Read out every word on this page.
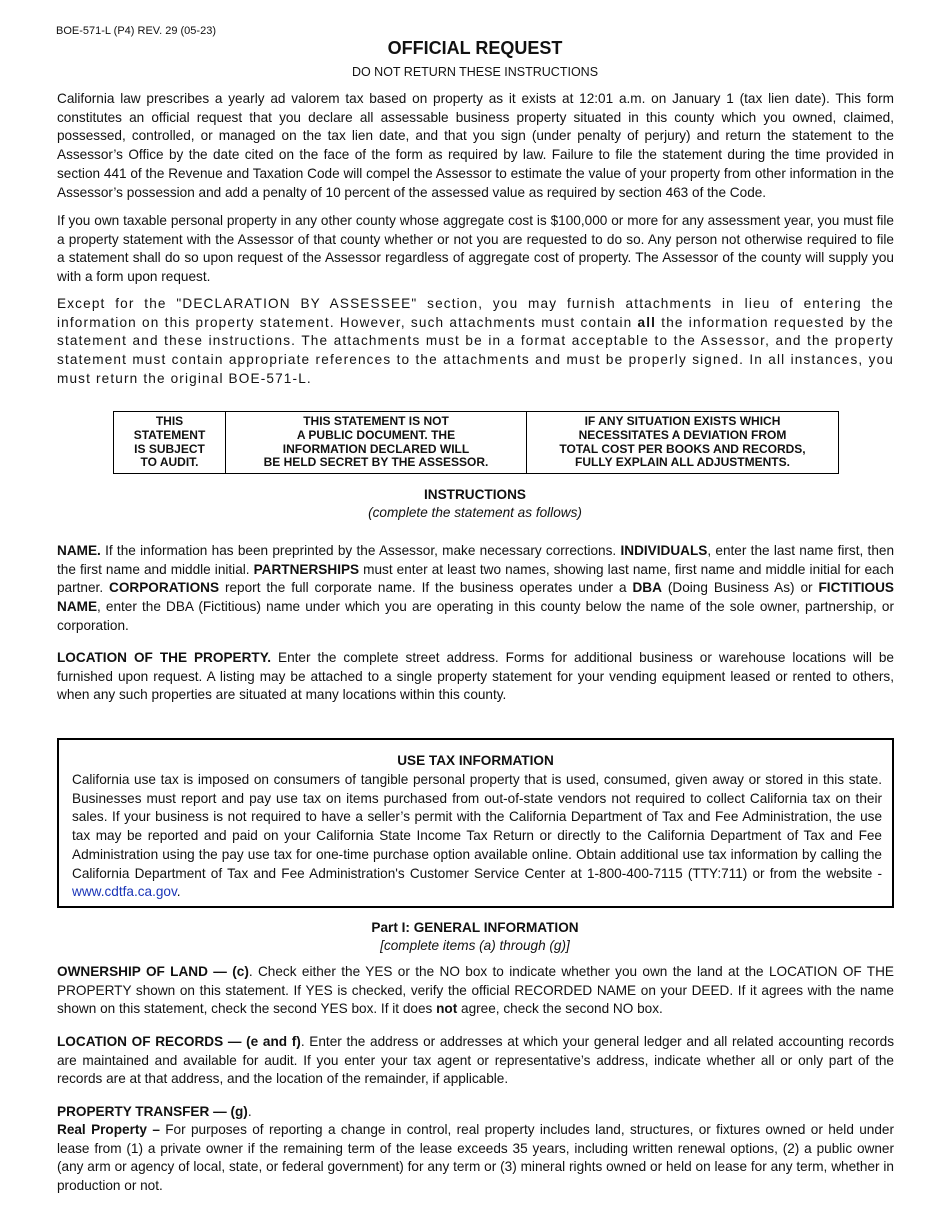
BOE-571-L (P4) REV. 29 (05-23)
OFFICIAL REQUEST
DO NOT RETURN THESE INSTRUCTIONS

California law prescribes a yearly ad valorem tax based on property as it exists at 12:01 a.m. on January 1 (tax lien date). This form constitutes an official request that you declare all assessable business property situated in this county which you owned, claimed, possessed, controlled, or managed on the tax lien date, and that you sign (under penalty of perjury) and return the statement to the Assessor’s Office by the date cited on the face of the form as required by law. Failure to file the statement during the time provided in section 441 of the Revenue and Taxation Code will compel the Assessor to estimate the value of your property from other information in the Assessor’s possession and add a penalty of 10 percent of the assessed value as required by section 463 of the Code.

If you own taxable personal property in any other county whose aggregate cost is $100,000 or more for any assessment year, you must file a property statement with the Assessor of that county whether or not you are requested to do so. Any person not otherwise required to file a statement shall do so upon request of the Assessor regardless of aggregate cost of property. The Assessor of the county will supply you with a form upon request.

Except for the "DECLARATION BY ASSESSEE" section, you may furnish attachments in lieu of entering the information on this property statement. However, such attachments must contain all the information requested by the statement and these instructions. The attachments must be in a format acceptable to the Assessor, and the property statement must contain appropriate references to the attachments and must be properly signed. In all instances, you must return the original BOE-571-L.

THIS
STATEMENT
IS SUBJECT
TO AUDIT.

THIS STATEMENT IS NOT
A PUBLIC DOCUMENT. THE
INFORMATION DECLARED WILL
BE HELD SECRET BY THE ASSESSOR.

IF ANY SITUATION EXISTS WHICH
NECESSITATES A DEVIATION FROM
TOTAL COST PER BOOKS AND RECORDS,
FULLY EXPLAIN ALL ADJUSTMENTS.
INSTRUCTIONS
(complete the statement as follows)

NAME. If the information has been preprinted by the Assessor, make necessary corrections. INDIVIDUALS, enter the last name first, then the first name and middle initial. PARTNERSHIPS must enter at least two names, showing last name, first name and middle initial for each partner. CORPORATIONS report the full corporate name. If the business operates under a DBA (Doing Business As) or FICTITIOUS NAME, enter the DBA (Fictitious) name under which you are operating in this county below the name of the sole owner, partnership, or corporation.

LOCATION OF THE PROPERTY. Enter the complete street address. Forms for additional business or warehouse locations will be furnished upon request. A listing may be attached to a single property statement for your vending equipment leased or rented to others, when any such properties are situated at many locations within this county.

USE TAX INFORMATION

California use tax is imposed on consumers of tangible personal property that is used, consumed, given away or stored in this state. Businesses must report and pay use tax on items purchased from out-of-state vendors not required to collect California tax on their sales. If your business is not required to have a seller’s permit with the California Department of Tax and Fee Administration, the use tax may be reported and paid on your California State Income Tax Return or directly to the California Department of Tax and Fee Administration using the pay use tax for one-time purchase option available online. Obtain additional use tax information by calling the California Department of Tax and Fee Administration's Customer Service Center at 1-800-400-7115 (TTY:711) or from the website - www.cdtfa.ca.gov.

Part I: GENERAL INFORMATION
[complete items (a) through (g)]

OWNERSHIP OF LAND — (c). Check either the YES or the NO box to indicate whether you own the land at the LOCATION OF THE PROPERTY shown on this statement. If YES is checked, verify the official RECORDED NAME on your DEED. If it agrees with the name shown on this statement, check the second YES box. If it does not agree, check the second NO box.

LOCATION OF RECORDS — (e and f). Enter the address or addresses at which your general ledger and all related accounting records are maintained and available for audit. If you enter your tax agent or representative’s address, indicate whether all or only part of the records are at that address, and the location of the remainder, if applicable.

PROPERTY TRANSFER — (g).

Real Property – For purposes of reporting a change in control, real property includes land, structures, or fixtures owned or held under lease from (1) a private owner if the remaining term of the lease exceeds 35 years, including written renewal options, (2) a public owner (any arm or agency of local, state, or federal government) for any term or (3) mineral rights owned or held on lease for any term, whether in production or not.
